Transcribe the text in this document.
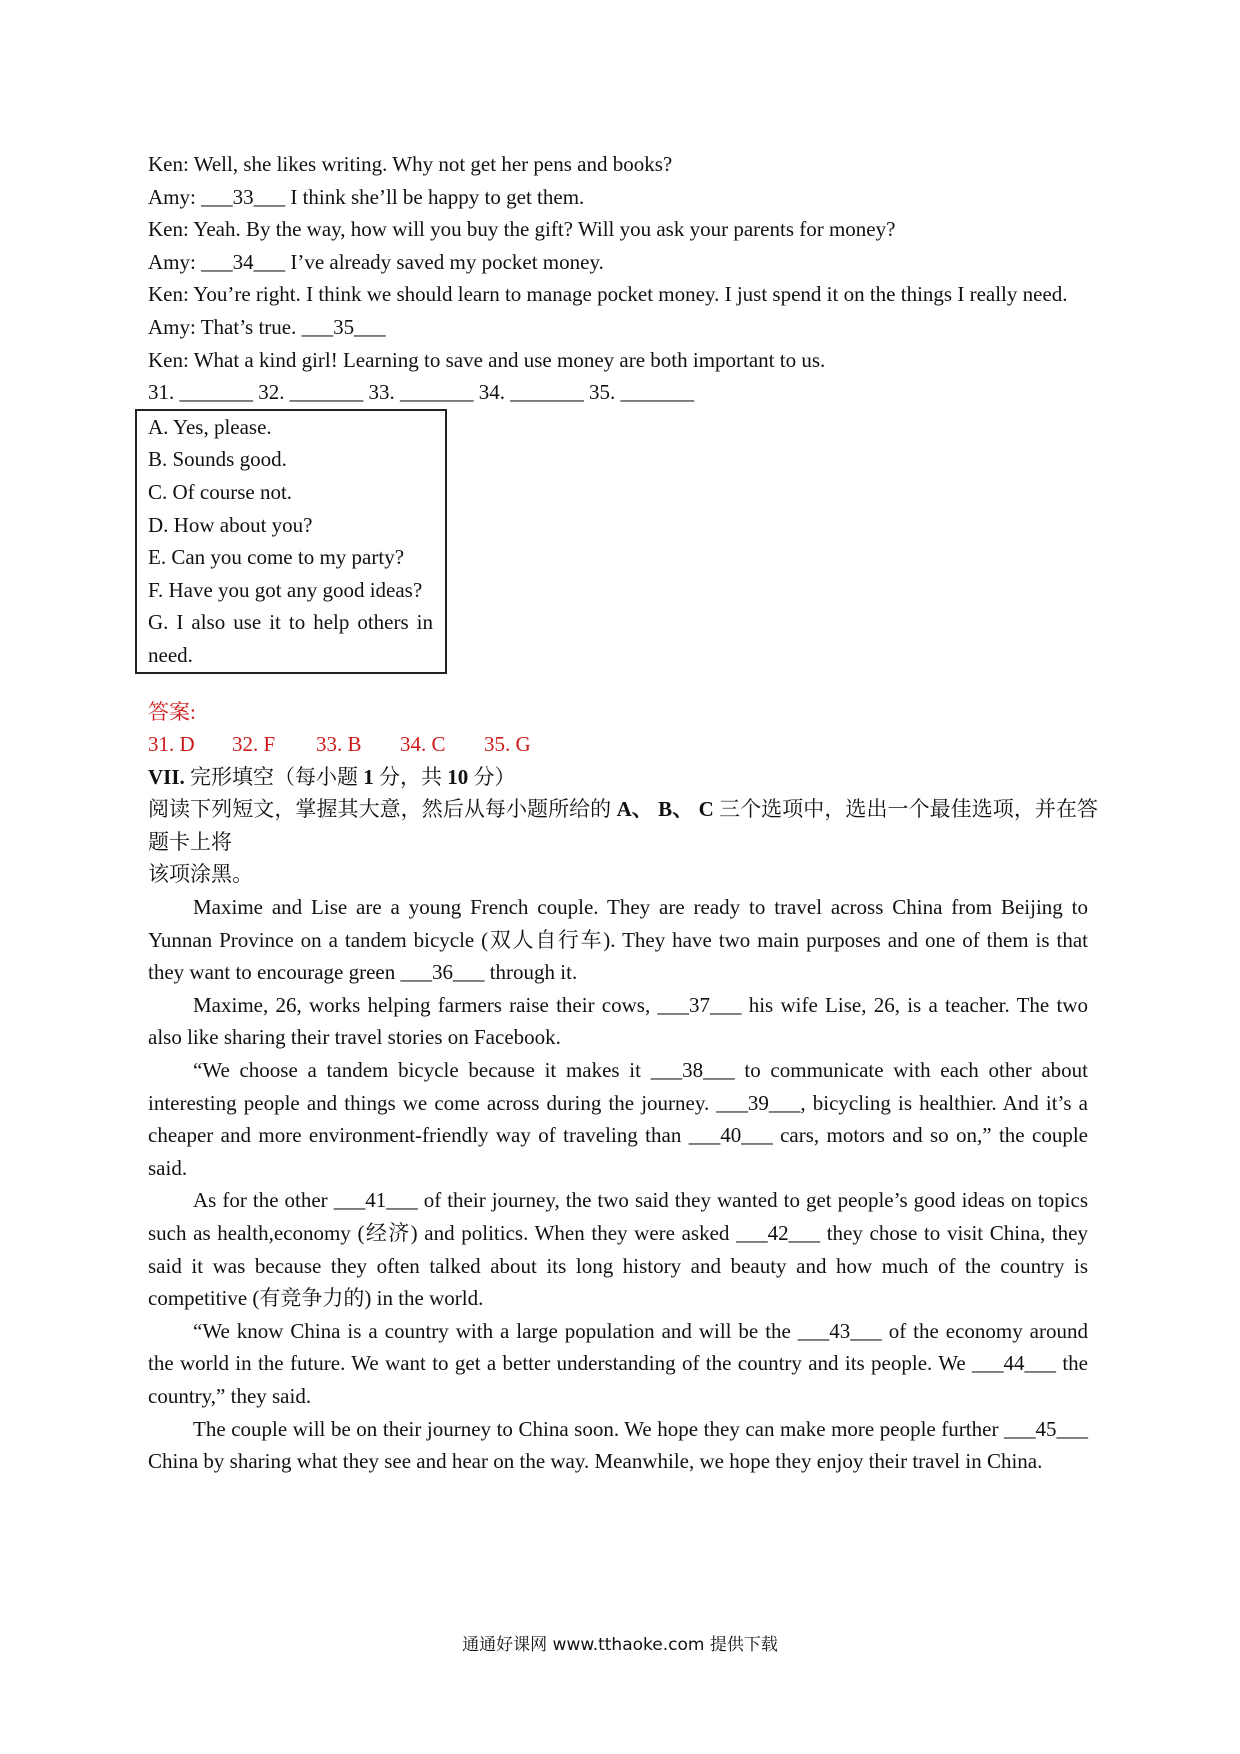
Ken: Well, she likes writing. Why not get her pens and books?

Amy: ___33___ I think she’ll be happy to get them.

Ken: Yeah. By the way, how will you buy the gift? Will you ask your parents for money?

Amy: ___34___ I’ve already saved my pocket money.

Ken: You’re right. I think we should learn to manage pocket money. I just spend it on the things I really need.

Amy: That’s true. ___35___

Ken: What a kind girl! Learning to save and use money are both important to us.

31. _______ 32. _______ 33. _______ 34. _______ 35. _______

A. Yes, please.

B. Sounds good.

C. Of course not.

D. How about you?

E. Can you come to my party?

F. Have you got any good ideas?

G. I also use it to help others in need.

答案:

31. D	32. F	33. B	34. C	35. G

VII. 完形填空（每小题 1 分，共 10 分）

阅读下列短文，掌握其大意，然后从每小题所给的 A、 B、 C 三个选项中，选出一个最佳选项，并在答题卡上将

该项涂黑。

Maxime and Lise are a young French couple. They are ready to travel across China from Beijing to Yunnan Province on a tandem bicycle (双人自行车). They have two main purposes and one of them is that they want to encourage green ___36___ through it.

Maxime, 26, works helping farmers raise their cows, ___37___ his wife Lise, 26, is a teacher. The two also like sharing their travel stories on Facebook.

“We choose a tandem bicycle because it makes it ___38___ to communicate with each other about interesting people and things we come across during the journey. ___39___, bicycling is healthier. And it’s a cheaper and more environment-friendly way of traveling than ___40___ cars, motors and so on,” the couple said.

As for the other ___41___ of their journey, the two said they wanted to get people’s good ideas on topics such as health,economy (经济) and politics. When they were asked ___42___ they chose to visit China, they said it was because they often talked about its long history and beauty and how much of the country is competitive (有竞争力的) in the world.

“We know China is a country with a large population and will be the ___43___ of the economy around the world in the future. We want to get a better understanding of the country and its people. We ___44___ the country,” they said.

The couple will be on their journey to China soon. We hope they can make more people further ___45___ China by sharing what they see and hear on the way. Meanwhile, we hope they enjoy their travel in China.

通通好课网 www.tthaoke.com 提供下载
